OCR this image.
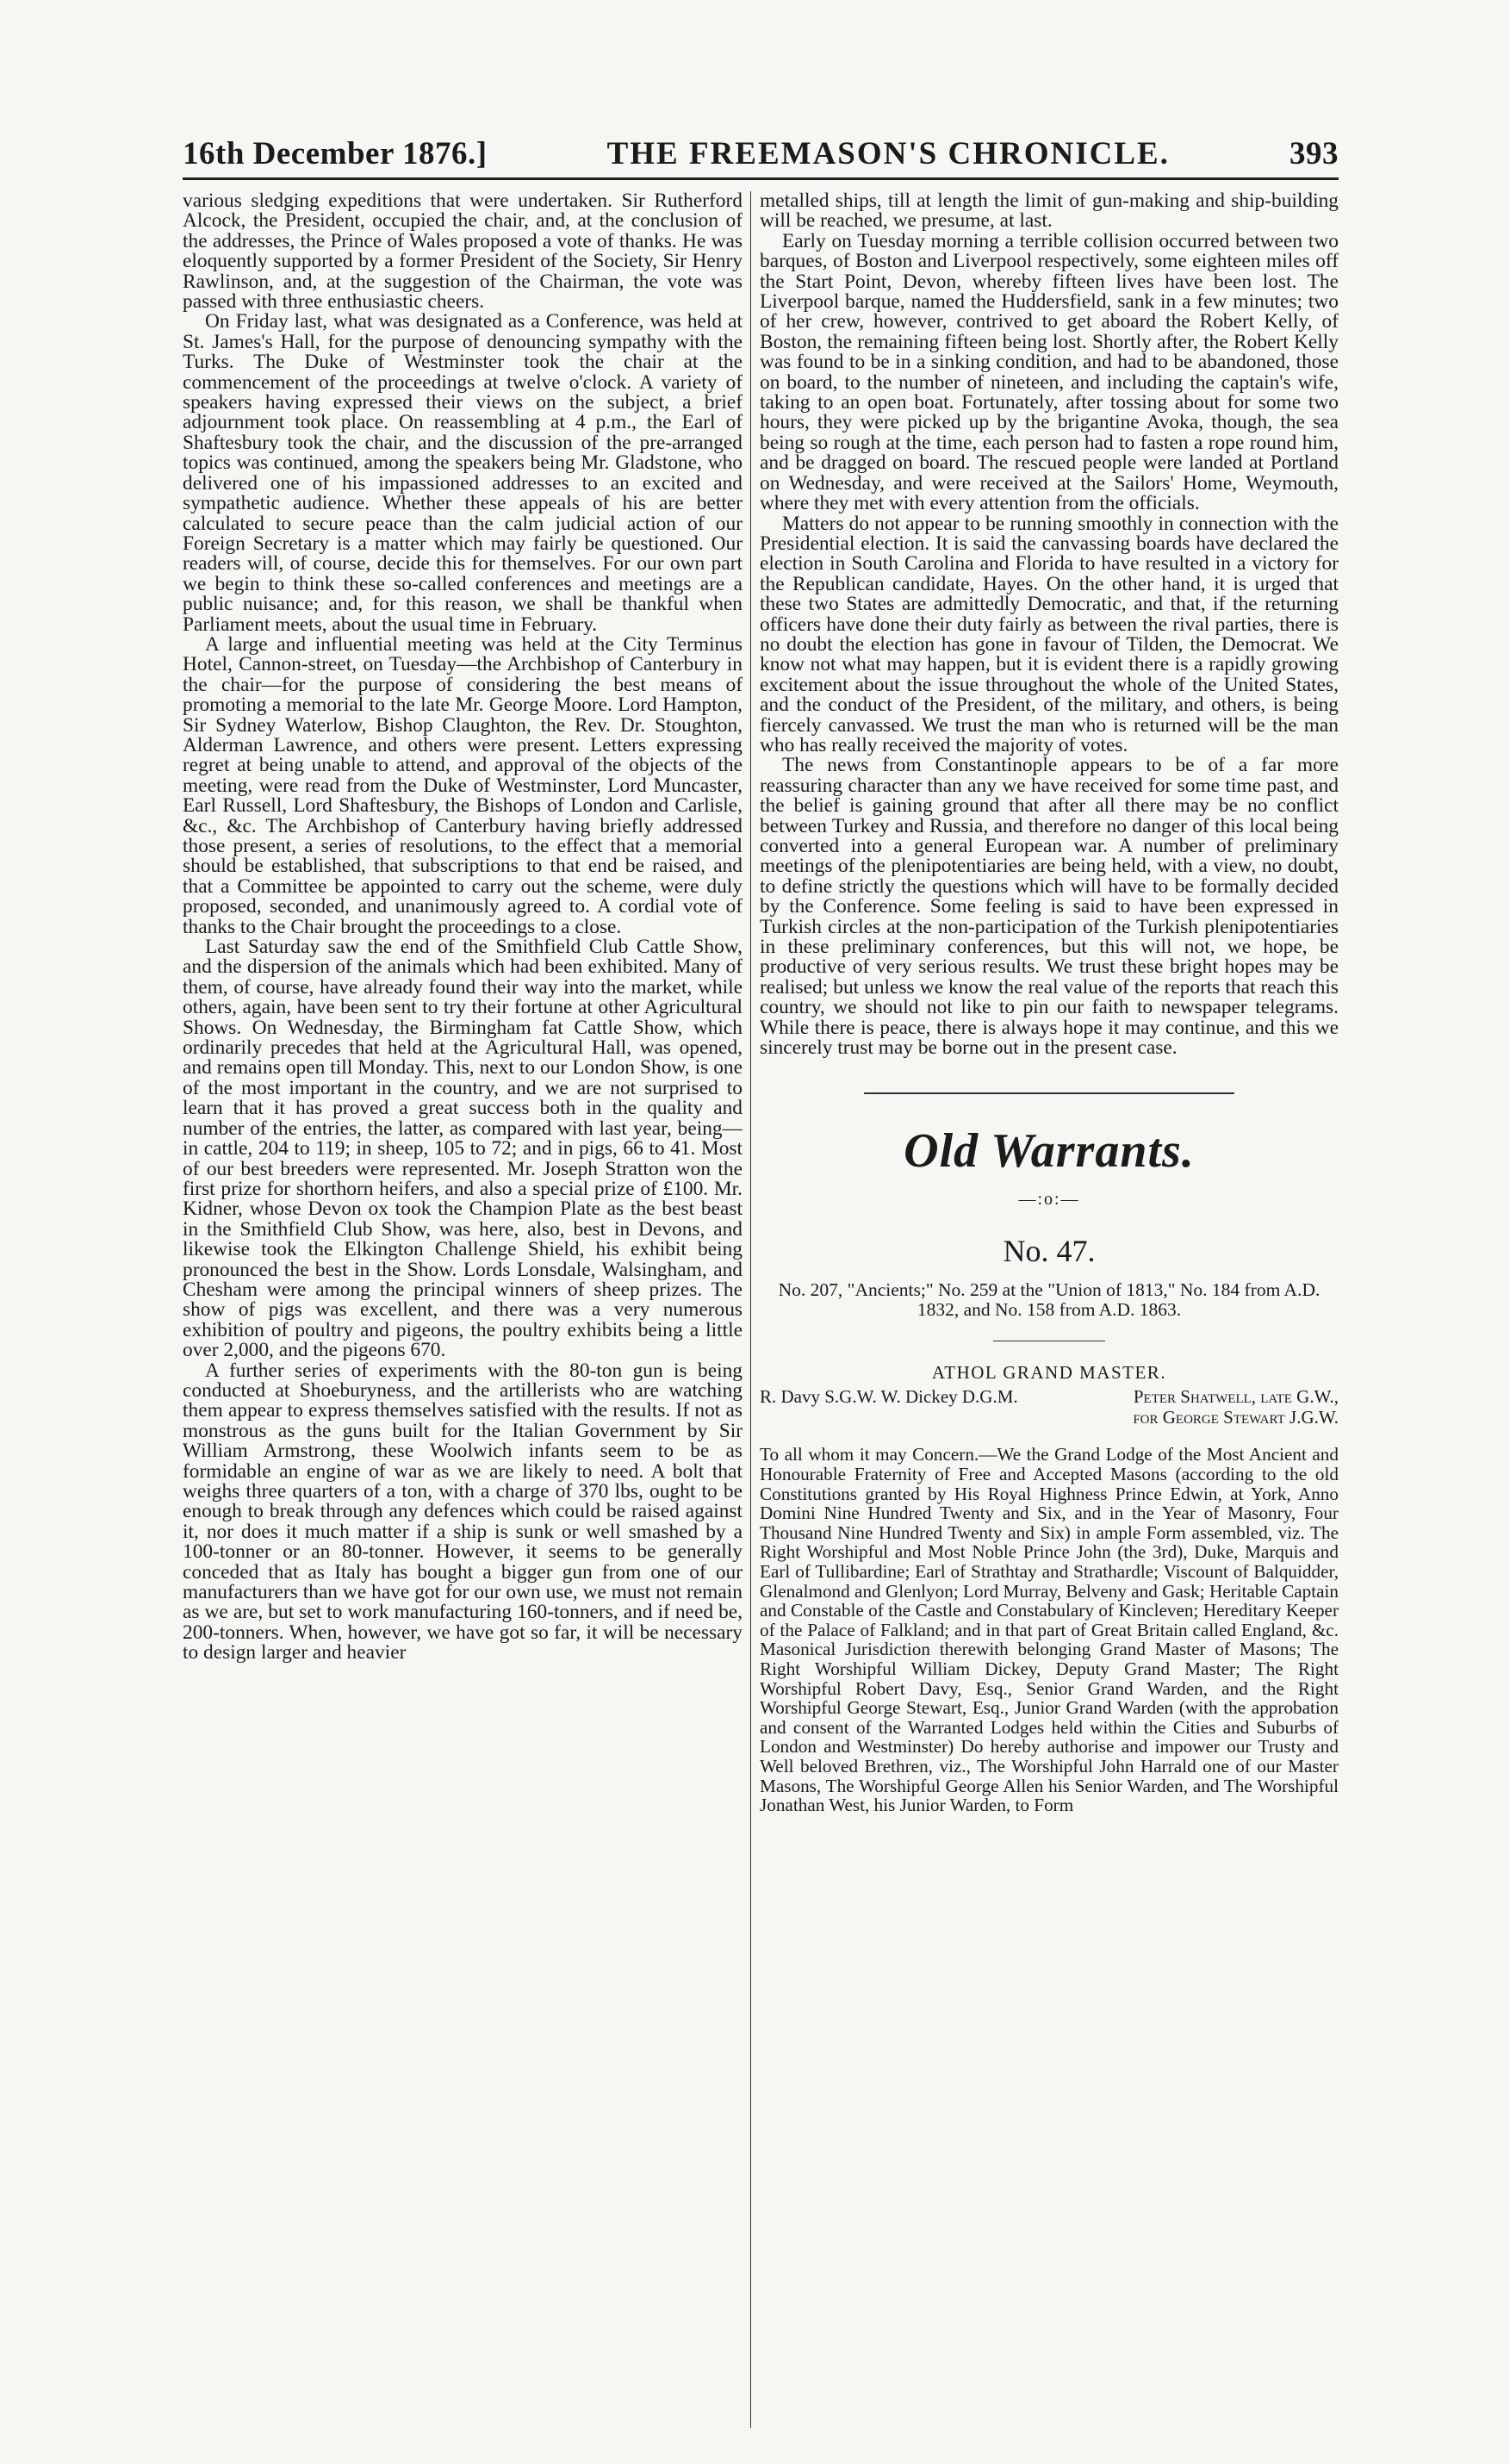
16th December 1876.]	THE FREEMASON'S CHRONICLE.	393

various sledging expeditions that were undertaken. Sir Rutherford Alcock, the President, occupied the chair, and, at the conclusion of the addresses, the Prince of Wales proposed a vote of thanks. He was eloquently supported by a former President of the Society, Sir Henry Rawlinson, and, at the suggestion of the Chairman, the vote was passed with three enthusiastic cheers.

On Friday last, what was designated as a Conference, was held at St. James's Hall, for the purpose of denouncing sympathy with the Turks. The Duke of Westminster took the chair at the commencement of the proceedings at twelve o'clock. A variety of speakers having expressed their views on the subject, a brief adjournment took place. On reassembling at 4 p.m., the Earl of Shaftesbury took the chair, and the discussion of the pre-arranged topics was continued, among the speakers being Mr. Gladstone, who delivered one of his impassioned addresses to an excited and sympathetic audience. Whether these appeals of his are better calculated to secure peace than the calm judicial action of our Foreign Secretary is a matter which may fairly be questioned. Our readers will, of course, decide this for themselves. For our own part we begin to think these so-called conferences and meetings are a public nuisance; and, for this reason, we shall be thankful when Parliament meets, about the usual time in February.

A large and influential meeting was held at the City Terminus Hotel, Cannon-street, on Tuesday—the Archbishop of Canterbury in the chair—for the purpose of considering the best means of promoting a memorial to the late Mr. George Moore. Lord Hampton, Sir Sydney Waterlow, Bishop Claughton, the Rev. Dr. Stoughton, Alderman Lawrence, and others were present. Letters expressing regret at being unable to attend, and approval of the objects of the meeting, were read from the Duke of Westminster, Lord Muncaster, Earl Russell, Lord Shaftesbury, the Bishops of London and Carlisle, &c., &c. The Archbishop of Canterbury having briefly addressed those present, a series of resolutions, to the effect that a memorial should be established, that subscriptions to that end be raised, and that a Committee be appointed to carry out the scheme, were duly proposed, seconded, and unanimously agreed to. A cordial vote of thanks to the Chair brought the proceedings to a close.

Last Saturday saw the end of the Smithfield Club Cattle Show, and the dispersion of the animals which had been exhibited. Many of them, of course, have already found their way into the market, while others, again, have been sent to try their fortune at other Agricultural Shows. On Wednesday, the Birmingham fat Cattle Show, which ordinarily precedes that held at the Agricultural Hall, was opened, and remains open till Monday. This, next to our London Show, is one of the most important in the country, and we are not surprised to learn that it has proved a great success both in the quality and number of the entries, the latter, as compared with last year, being—in cattle, 204 to 119; in sheep, 105 to 72; and in pigs, 66 to 41. Most of our best breeders were represented. Mr. Joseph Stratton won the first prize for shorthorn heifers, and also a special prize of £100. Mr. Kidner, whose Devon ox took the Champion Plate as the best beast in the Smithfield Club Show, was here, also, best in Devons, and likewise took the Elkington Challenge Shield, his exhibit being pronounced the best in the Show. Lords Lonsdale, Walsingham, and Chesham were among the principal winners of sheep prizes. The show of pigs was excellent, and there was a very numerous exhibition of poultry and pigeons, the poultry exhibits being a little over 2,000, and the pigeons 670.

A further series of experiments with the 80-ton gun is being conducted at Shoeburyness, and the artillerists who are watching them appear to express themselves satisfied with the results. If not as monstrous as the guns built for the Italian Government by Sir William Armstrong, these Woolwich infants seem to be as formidable an engine of war as we are likely to need. A bolt that weighs three quarters of a ton, with a charge of 370 lbs, ought to be enough to break through any defences which could be raised against it, nor does it much matter if a ship is sunk or well smashed by a 100-tonner or an 80-tonner. However, it seems to be generally conceded that as Italy has bought a bigger gun from one of our manufacturers than we have got for our own use, we must not remain as we are, but set to work manufacturing 160-tonners, and if need be, 200-tonners. When, however, we have got so far, it will be necessary to design larger and heavier

metalled ships, till at length the limit of gun-making and ship-building will be reached, we presume, at last.

Early on Tuesday morning a terrible collision occurred between two barques, of Boston and Liverpool respectively, some eighteen miles off the Start Point, Devon, whereby fifteen lives have been lost. The Liverpool barque, named the Huddersfield, sank in a few minutes; two of her crew, however, contrived to get aboard the Robert Kelly, of Boston, the remaining fifteen being lost. Shortly after, the Robert Kelly was found to be in a sinking condition, and had to be abandoned, those on board, to the number of nineteen, and including the captain's wife, taking to an open boat. Fortunately, after tossing about for some two hours, they were picked up by the brigantine Avoka, though, the sea being so rough at the time, each person had to fasten a rope round him, and be dragged on board. The rescued people were landed at Portland on Wednesday, and were received at the Sailors' Home, Weymouth, where they met with every attention from the officials.

Matters do not appear to be running smoothly in connection with the Presidential election. It is said the canvassing boards have declared the election in South Carolina and Florida to have resulted in a victory for the Republican candidate, Hayes. On the other hand, it is urged that these two States are admittedly Democratic, and that, if the returning officers have done their duty fairly as between the rival parties, there is no doubt the election has gone in favour of Tilden, the Democrat. We know not what may happen, but it is evident there is a rapidly growing excitement about the issue throughout the whole of the United States, and the conduct of the President, of the military, and others, is being fiercely canvassed. We trust the man who is returned will be the man who has really received the majority of votes.

The news from Constantinople appears to be of a far more reassuring character than any we have received for some time past, and the belief is gaining ground that after all there may be no conflict between Turkey and Russia, and therefore no danger of this local being converted into a general European war. A number of preliminary meetings of the plenipotentiaries are being held, with a view, no doubt, to define strictly the questions which will have to be formally decided by the Conference. Some feeling is said to have been expressed in Turkish circles at the non-participation of the Turkish plenipotentiaries in these preliminary conferences, but this will not, we hope, be productive of very serious results. We trust these bright hopes may be realised; but unless we know the real value of the reports that reach this country, we should not like to pin our faith to newspaper telegrams. While there is peace, there is always hope it may continue, and this we sincerely trust may be borne out in the present case.

Old Warrants.
—:o:—
No. 47.
No. 207, "Ancients;" No. 259 at the "Union of 1813," No. 184 from A.D. 1832, and No. 158 from A.D. 1863.
ATHOL GRAND MASTER.
R. Davy S.G.W. W. Dickey D.G.M.	Peter Shatwell, late G.W.,
for George Stewart J.G.W.

To all whom it may Concern.—We the Grand Lodge of the Most Ancient and Honourable Fraternity of Free and Accepted Masons (according to the old Constitutions granted by His Royal Highness Prince Edwin, at York, Anno Domini Nine Hundred Twenty and Six, and in the Year of Masonry, Four Thousand Nine Hundred Twenty and Six) in ample Form assembled, viz. The Right Worshipful and Most Noble Prince John (the 3rd), Duke, Marquis and Earl of Tullibardine; Earl of Strathtay and Strathardle; Viscount of Balquidder, Glenalmond and Glenlyon; Lord Murray, Belveny and Gask; Heritable Captain and Constable of the Castle and Constabulary of Kincleven; Hereditary Keeper of the Palace of Falkland; and in that part of Great Britain called England, &c. Masonical Jurisdiction therewith belonging Grand Master of Masons; The Right Worshipful William Dickey, Deputy Grand Master; The Right Worshipful Robert Davy, Esq., Senior Grand Warden, and the Right Worshipful George Stewart, Esq., Junior Grand Warden (with the approbation and consent of the Warranted Lodges held within the Cities and Suburbs of London and Westminster) Do hereby authorise and impower our Trusty and Well beloved Brethren, viz., The Worshipful John Harrald one of our Master Masons, The Worshipful George Allen his Senior Warden, and The Worshipful Jonathan West, his Junior Warden, to Form
